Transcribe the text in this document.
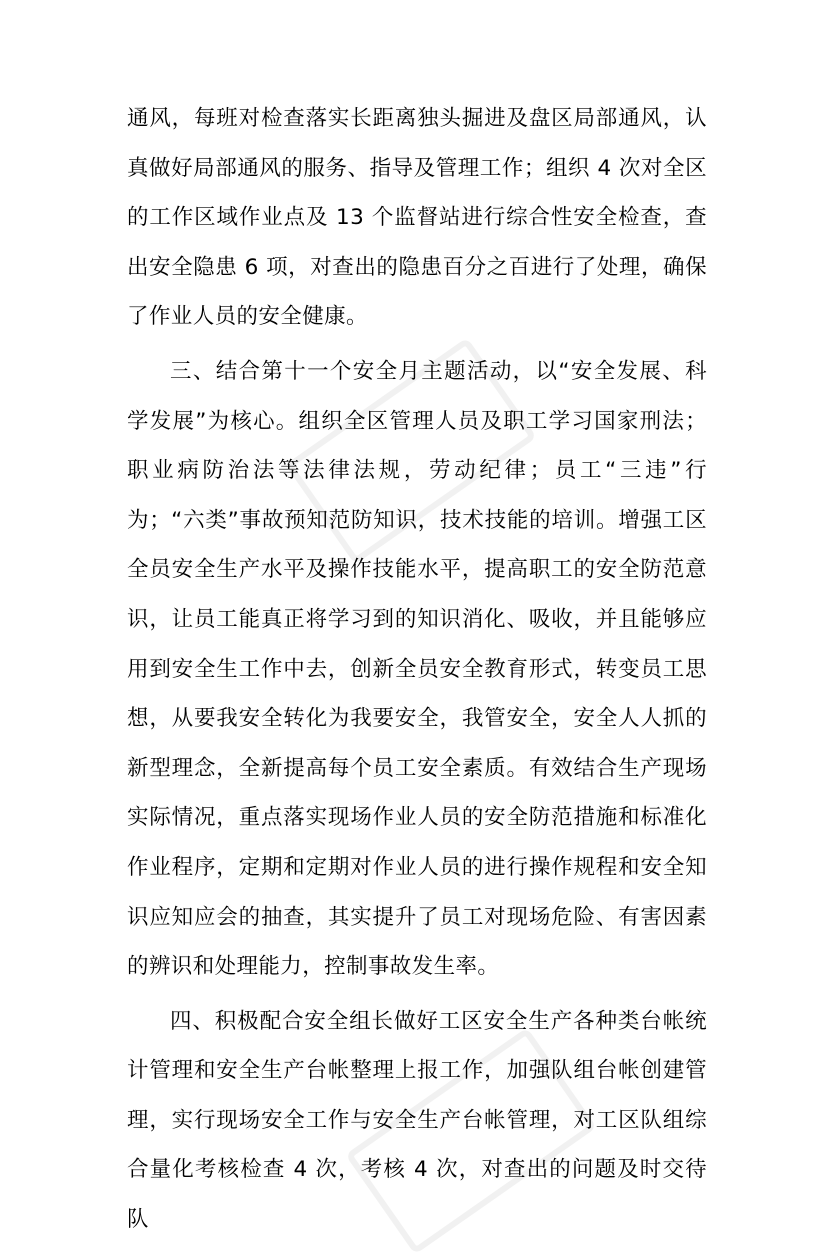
通风，每班对检查落实长距离独头掘进及盘区局部通风，认真做好局部通风的服务、指导及管理工作；组织 4 次对全区的工作区域作业点及 13 个监督站进行综合性安全检查，查出安全隐患 6 项，对查出的隐患百分之百进行了处理，确保了作业人员的安全健康。

三、结合第十一个安全月主题活动，以“安全发展、科学发展”为核心。组织全区管理人员及职工学习国家刑法；职业病防治法等法律法规，劳动纪律；员工“三违”行为；“六类”事故预知范防知识，技术技能的培训。增强工区全员安全生产水平及操作技能水平，提高职工的安全防范意识，让员工能真正将学习到的知识消化、吸收，并且能够应用到安全生工作中去，创新全员安全教育形式，转变员工思想，从要我安全转化为我要安全，我管安全，安全人人抓的新型理念，全新提高每个员工安全素质。有效结合生产现场实际情况，重点落实现场作业人员的安全防范措施和标准化作业程序，定期和定期对作业人员的进行操作规程和安全知识应知应会的抽查，其实提升了员工对现场危险、有害因素的辨识和处理能力，控制事故发生率。

四、积极配合安全组长做好工区安全生产各种类台帐统计管理和安全生产台帐整理上报工作，加强队组台帐创建管理，实行现场安全工作与安全生产台帐管理，对工区队组综合量化考核检查 4 次，考核 4 次，对查出的问题及时交待队
